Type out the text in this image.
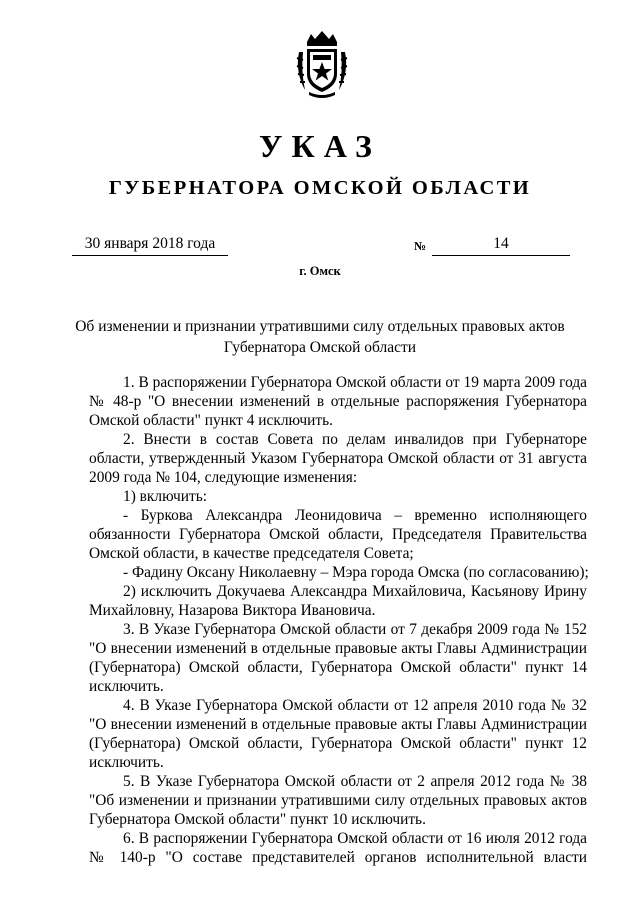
УКАЗ
ГУБЕРНАТОРА ОМСКОЙ ОБЛАСТИ
30 января 2018 года	№	14
г. Омск
Об изменении и признании утратившими силу отдельных правовых актов
Губернатора Омской области
1. В распоряжении Губернатора Омской области от 19 марта 2009 года
№ 48-р "О внесении изменений в отдельные распоряжения Губернатора
Омской области" пункт 4 исключить.
2. Внести в состав Совета по делам инвалидов при Губернаторе
области, утвержденный Указом Губернатора Омской области от 31 августа
2009 года № 104, следующие изменения:
1) включить:
- Буркова Александра Леонидовича – временно исполняющего
обязанности Губернатора Омской области, Председателя Правительства
Омской области, в качестве председателя Совета;
- Фадину Оксану Николаевну – Мэра города Омска (по согласованию);
2) исключить Докучаева Александра Михайловича, Касьянову Ирину
Михайловну, Назарова Виктора Ивановича.
3. В Указе Губернатора Омской области от 7 декабря 2009 года № 152
"О внесении изменений в отдельные правовые акты Главы Администрации
(Губернатора) Омской области, Губернатора Омской области" пункт 14
исключить.
4. В Указе Губернатора Омской области от 12 апреля 2010 года № 32
"О внесении изменений в отдельные правовые акты Главы Администрации
(Губернатора) Омской области, Губернатора Омской области" пункт 12
исключить.
5. В Указе Губернатора Омской области от 2 апреля 2012 года № 38
"Об изменении и признании утратившими силу отдельных правовых актов
Губернатора Омской области" пункт 10 исключить.
6. В распоряжении Губернатора Омской области от 16 июля 2012 года
№ 140-р "О составе представителей органов исполнительной власти
